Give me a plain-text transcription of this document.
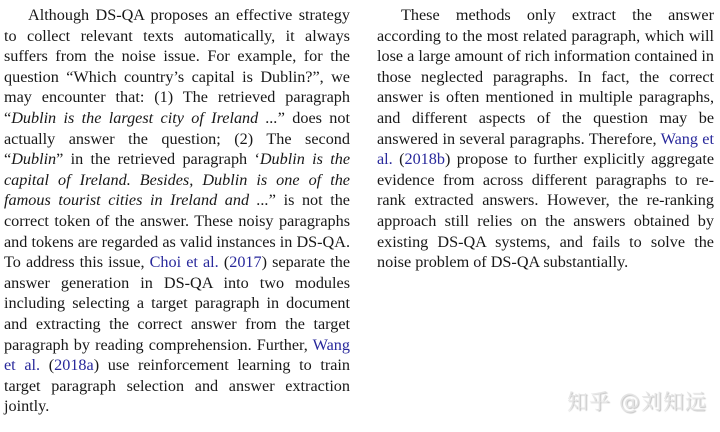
Although DS-QA proposes an effective strategy to collect relevant texts automatically, it always suffers from the noise issue. For example, for the question “Which country’s capital is Dublin?”, we may encounter that: (1) The retrieved paragraph “Dublin is the largest city of Ireland ...” does not actually answer the question; (2) The second “Dublin” in the retrieved paragraph ‘Dublin is the capital of Ireland. Besides, Dublin is one of the famous tourist cities in Ireland and ...” is not the correct token of the answer. These noisy paragraphs and tokens are regarded as valid instances in DS-QA. To address this issue, Choi et al. (2017) separate the answer generation in DS-QA into two modules including selecting a target paragraph in document and extracting the correct answer from the target paragraph by reading comprehension. Further, Wang et al. (2018a) use reinforcement learning to train target paragraph selection and answer extraction jointly.

These methods only extract the answer according to the most related paragraph, which will lose a large amount of rich information contained in those neglected paragraphs. In fact, the correct answer is often mentioned in multiple paragraphs, and different aspects of the question may be answered in several paragraphs. Therefore, Wang et al. (2018b) propose to further explicitly aggregate evidence from across different paragraphs to re-rank extracted answers. However, the re-ranking approach still relies on the answers obtained by existing DS-QA systems, and fails to solve the noise problem of DS-QA substantially.

知乎 @刘知远
